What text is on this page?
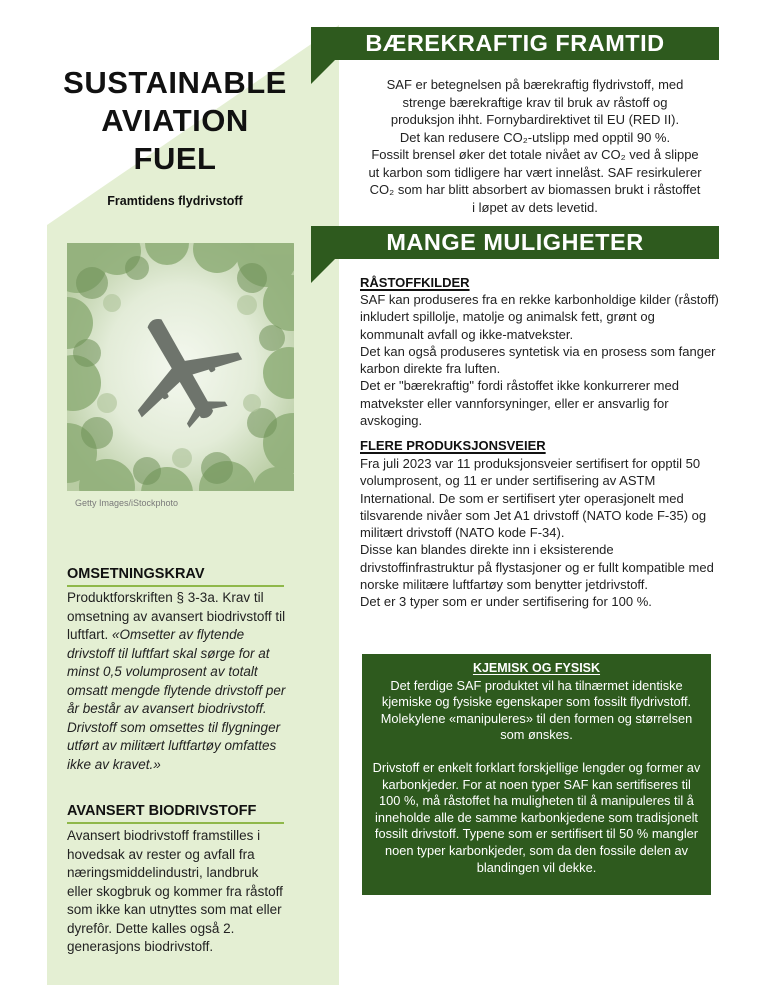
SUSTAINABLE
AVIATION
FUEL
Framtidens flydrivstoff
Getty Images/iStockphoto
OMSETNINGSKRAV
Produktforskriften § 3-3a. Krav til omsetning av avansert biodrivstoff til luftfart. «Omsetter av flytende drivstoff til luftfart skal sørge for at minst 0,5 volumprosent av totalt omsatt mengde flytende drivstoff per år består av avansert biodrivstoff. Drivstoff som omsettes til flygninger utført av militært luftfartøy omfattes ikke av kravet.»
AVANSERT BIODRIVSTOFF
Avansert biodrivstoff framstilles i hovedsak av rester og avfall fra næringsmiddelindustri, landbruk eller skogbruk og kommer fra råstoff som ikke kan utnyttes som mat eller dyrefôr. Dette kalles også 2. generasjons biodrivstoff.
BÆREKRAFTIG FRAMTID
SAF er betegnelsen på bærekraftig flydrivstoff, med
strenge bærekraftige krav til bruk av råstoff og
produksjon ihht. Fornybardirektivet til EU (RED II).
Det kan redusere CO₂-utslipp med opptil 90 %.
Fossilt brensel øker det totale nivået av CO₂ ved å slippe
ut karbon som tidligere har vært innelåst. SAF resirkulerer
CO₂ som har blitt absorbert av biomassen brukt i råstoffet
i løpet av dets levetid.
MANGE MULIGHETER
RÅSTOFFKILDER
SAF kan produseres fra en rekke karbonholdige kilder (råstoff) inkludert spillolje, matolje og animalsk fett, grønt og kommunalt avfall og ikke-matvekster.
Det kan også produseres syntetisk via en prosess som fanger karbon direkte fra luften.
Det er "bærekraftig" fordi råstoffet ikke konkurrerer med matvekster eller vannforsyninger, eller er ansvarlig for avskoging.
FLERE PRODUKSJONSVEIER
Fra juli 2023 var 11 produksjonsveier sertifisert for opptil 50 volumprosent, og 11 er under sertifisering av ASTM International. De som er sertifisert yter operasjonelt med tilsvarende nivåer som Jet A1 drivstoff (NATO kode F-35) og militært drivstoff (NATO kode F-34).
Disse kan blandes direkte inn i eksisterende drivstoffinfrastruktur på flystasjoner og er fullt kompatible med norske militære luftfartøy som benytter jetdrivstoff.
Det er 3 typer som er under sertifisering for 100 %.
KJEMISK OG FYSISK

Det ferdige SAF produktet vil ha tilnærmet identiske kjemiske og fysiske egenskaper som fossilt flydrivstoff. Molekylene «manipuleres» til den formen og størrelsen som ønskes.

Drivstoff er enkelt forklart forskjellige lengder og former av karbonkjeder. For at noen typer SAF kan sertifiseres til 100 %, må råstoffet ha muligheten til å manipuleres til å inneholde alle de samme karbonkjedene som tradisjonelt fossilt drivstoff. Typene som er sertifisert til 50 % mangler noen typer karbonkjeder, som da den fossile delen av blandingen vil dekke.
